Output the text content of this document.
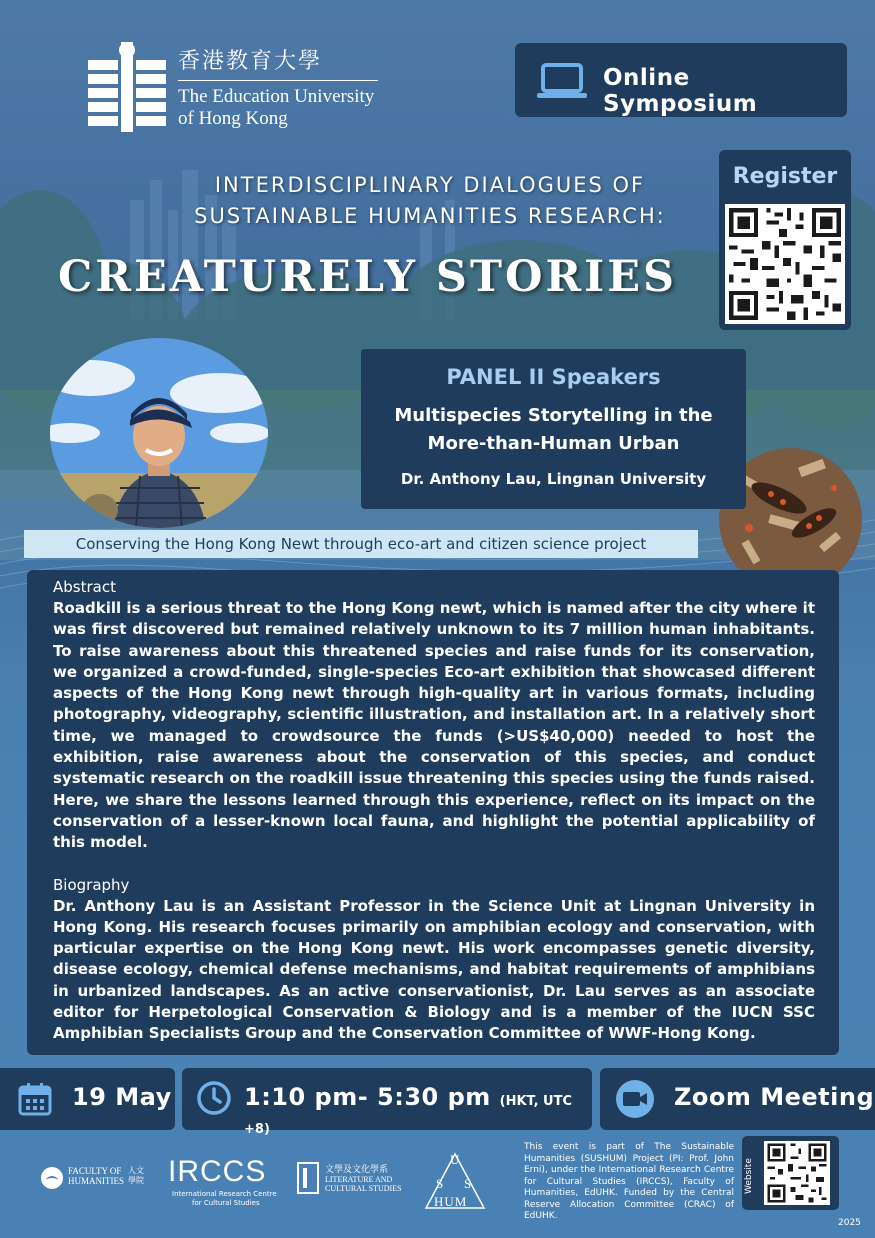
香港教育大學
The Education University
of Hong Kong
Online Symposium
Register
INTERDISCIPLINARY DIALOGUES OF
SUSTAINABLE HUMANITIES RESEARCH:
CREATURELY STORIES
PANEL II Speakers
Multispecies Storytelling in the
More-than-Human Urban
Dr. Anthony Lau, Lingnan University
Conserving the Hong Kong Newt through eco-art and citizen science project
Abstract
Roadkill is a serious threat to the Hong Kong newt, which is named after the city where it was first discovered but remained relatively unknown to its 7 million human inhabitants. To raise awareness about this threatened species and raise funds for its conservation, we organized a crowd-funded, single-species Eco-art exhibition that showcased different aspects of the Hong Kong newt through high-quality art in various formats, including photography, videography, scientific illustration, and installation art. In a relatively short time, we managed to crowdsource the funds (>US$40,000) needed to host the exhibition, raise awareness about the conservation of this species, and conduct systematic research on the roadkill issue threatening this species using the funds raised. Here, we share the lessons learned through this experience, reflect on its impact on the conservation of a lesser-known local fauna, and highlight the potential applicability of this model.
Biography
Dr. Anthony Lau is an Assistant Professor in the Science Unit at Lingnan University in Hong Kong. His research focuses primarily on amphibian ecology and conservation, with particular expertise on the Hong Kong newt. His work encompasses genetic diversity, disease ecology, chemical defense mechanisms, and habitat requirements of amphibians in urbanized landscapes. As an active conservationist, Dr. Lau serves as an associate editor for Herpetological Conservation & Biology and is a member of the IUCN SSC Amphibian Specialists Group and the Conservation Committee of WWF-Hong Kong.
19 May	1:10 pm- 5:30 pm (HKT, UTC +8)
Zoom Meeting
FACULTY OF
HUMANITIES
人文學院 IRCCS
International Research Centre
for Cultural Studies
文學及文化學系
LITERATURE AND
CULTURAL STUDIES
U
S S
HUM
This event is part of The Sustainable Humanities (SUSHUM) Project (PI: Prof. John Erni), under the International Research Centre for Cultural Studies (IRCCS), Faculty of Humanities, EdUHK. Funded by the Central Reserve Allocation Committee (CRAC) of EdUHK.
Website
2025
